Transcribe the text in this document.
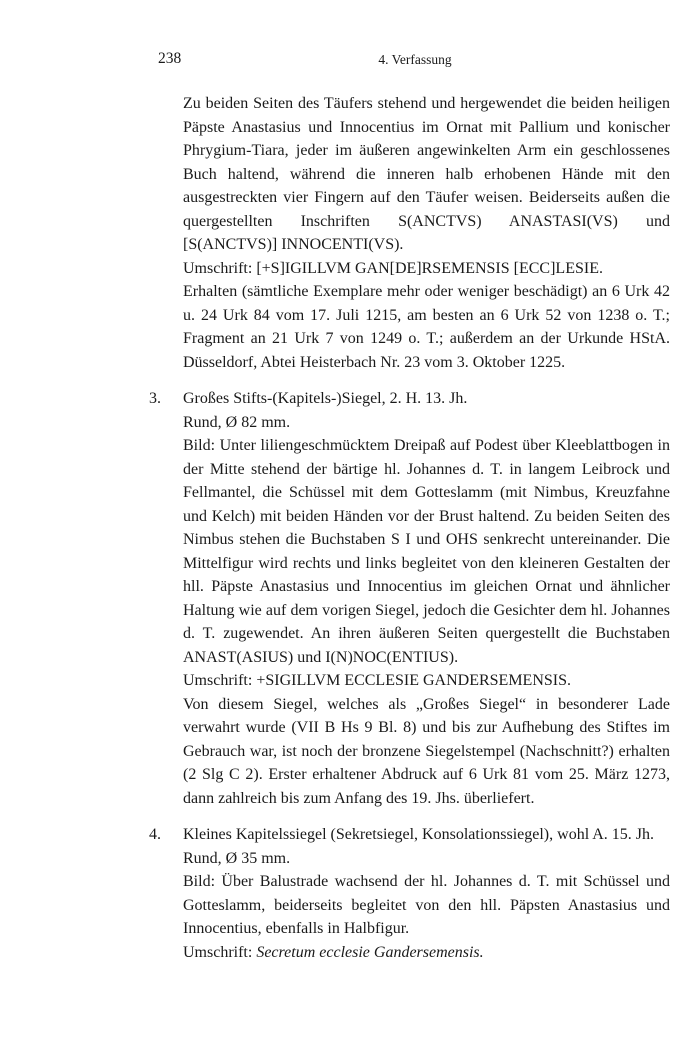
238	4. Verfassung

Zu beiden Seiten des Täufers stehend und hergewendet die beiden heiligen Päpste Anastasius und Innocentius im Ornat mit Pallium und konischer Phrygium-Tiara, jeder im äußeren angewinkelten Arm ein geschlossenes Buch haltend, während die inneren halb erhobenen Hände mit den ausgestreckten vier Fingern auf den Täufer weisen. Beiderseits außen die quergestellten Inschriften S(ANCTVS) ANASTASI(VS) und [S(ANCTVS)] INNOCENTI(VS).

Umschrift: [+S]IGILLVM GAN[DE]RSEMENSIS [ECC]LESIE.

Erhalten (sämtliche Exemplare mehr oder weniger beschädigt) an 6 Urk 42 u. 24 Urk 84 vom 17. Juli 1215, am besten an 6 Urk 52 von 1238 o. T.; Fragment an 21 Urk 7 von 1249 o. T.; außerdem an der Urkunde HStA. Düsseldorf, Abtei Heisterbach Nr. 23 vom 3. Oktober 1225.

3. Großes Stifts-(Kapitels-)Siegel, 2. H. 13. Jh.
Rund, Ø 82 mm.

Bild: Unter liliengeschmücktem Dreipaß auf Podest über Kleeblattbogen in der Mitte stehend der bärtige hl. Johannes d. T. in langem Leibrock und Fellmantel, die Schüssel mit dem Gotteslamm (mit Nimbus, Kreuzfahne und Kelch) mit beiden Händen vor der Brust haltend. Zu beiden Seiten des Nimbus stehen die Buchstaben S I und OHS senkrecht untereinander. Die Mittelfigur wird rechts und links begleitet von den kleineren Gestalten der hll. Päpste Anastasius und Innocentius im gleichen Ornat und ähnlicher Haltung wie auf dem vorigen Siegel, jedoch die Gesichter dem hl. Johannes d. T. zugewendet. An ihren äußeren Seiten quergestellt die Buchstaben ANAST(ASIUS) und I(N)NOC(ENTIUS).

Umschrift: +SIGILLVM ECCLESIE GANDERSEMENSIS.

Von diesem Siegel, welches als „Großes Siegel“ in besonderer Lade verwahrt wurde (VII B Hs 9 Bl. 8) und bis zur Aufhebung des Stiftes im Gebrauch war, ist noch der bronzene Siegelstempel (Nachschnitt?) erhalten (2 Slg C 2). Erster erhaltener Abdruck auf 6 Urk 81 vom 25. März 1273, dann zahlreich bis zum Anfang des 19. Jhs. überliefert.

4. Kleines Kapitelssiegel (Sekretsiegel, Konsolationssiegel), wohl A. 15. Jh.

Rund, Ø 35 mm.

Bild: Über Balustrade wachsend der hl. Johannes d. T. mit Schüssel und Gotteslamm, beiderseits begleitet von den hll. Päpsten Anastasius und Innocentius, ebenfalls in Halbfigur.

Umschrift: Secretum ecclesie Gandersemensis.
